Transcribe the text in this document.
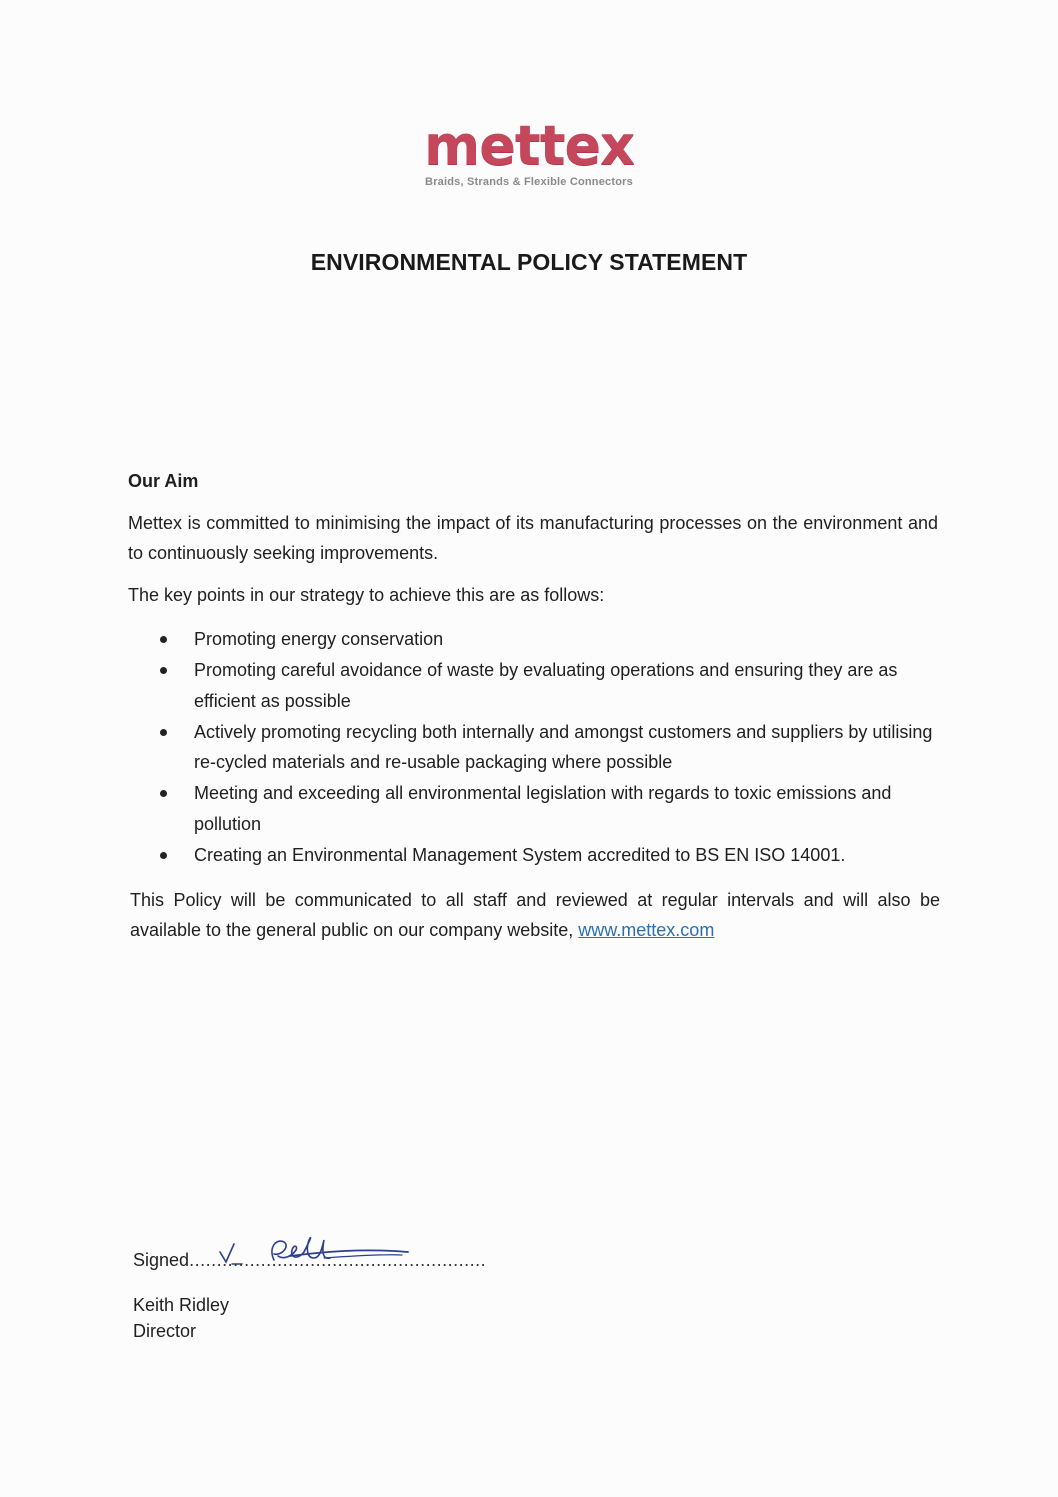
mettex
Braids, Strands & Flexible Connectors
ENVIRONMENTAL POLICY STATEMENT
Our Aim

Mettex is committed to minimising the impact of its manufacturing processes on the environment and to continuously seeking improvements.

The key points in our strategy to achieve this are as follows:

Promoting energy conservation
Promoting careful avoidance of waste by evaluating operations and ensuring they are as efficient as possible
Actively promoting recycling both internally and amongst customers and suppliers by utilising re-cycled materials and re-usable packaging where possible
Meeting and exceeding all environmental legislation with regards to toxic emissions and pollution
Creating an Environmental Management System accredited to BS EN ISO 14001.

This Policy will be communicated to all staff and reviewed at regular intervals and will also be available to the general public on our company website, www.mettex.com

Signed......................................................
Keith Ridley
Director
